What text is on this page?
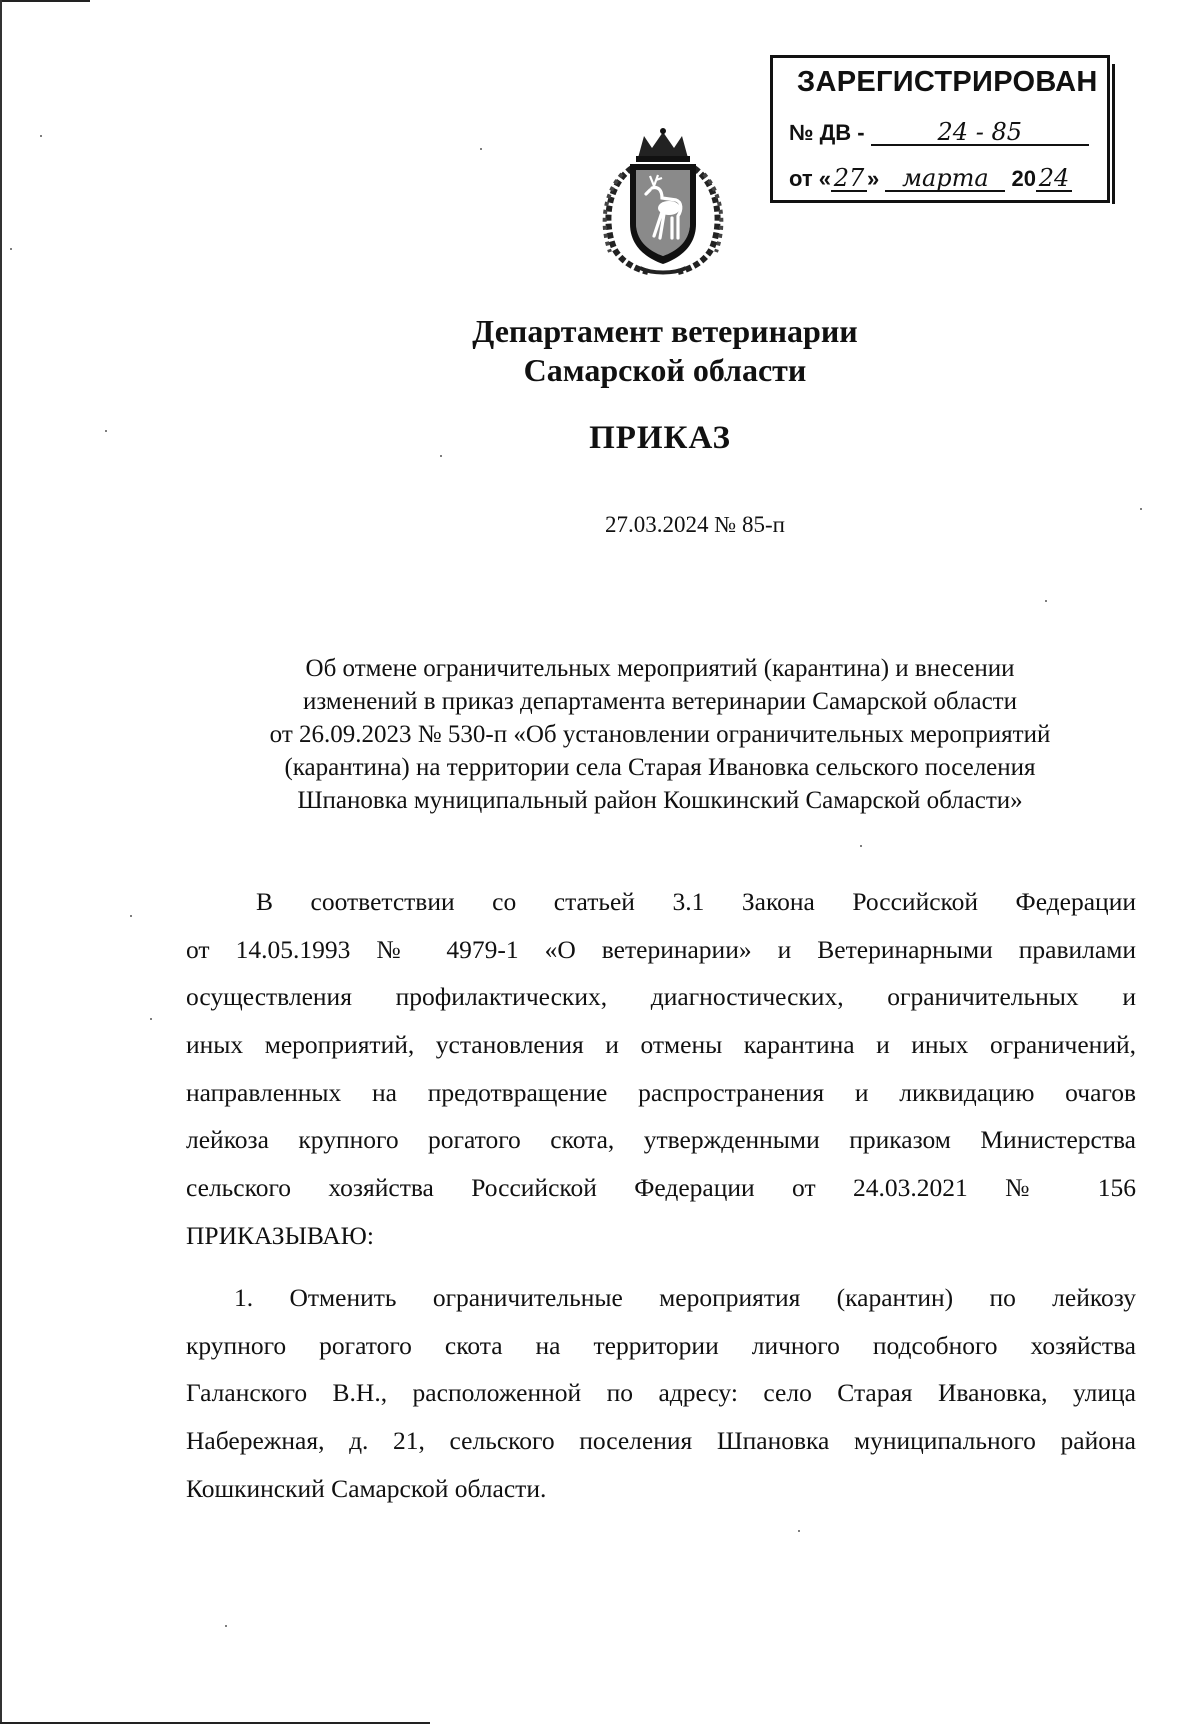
ЗАРЕГИСТРИРОВАН
№ ДВ -	24 - 85
от « 27 » марта 20 24
Департамент ветеринарии
Самарской области
ПРИКАЗ
27.03.2024 № 85-п
Об отмене ограничительных мероприятий (карантина) и внесении
изменений в приказ департамента ветеринарии Самарской области
от 26.09.2023 № 530-п «Об установлении ограничительных мероприятий
(карантина) на территории села Старая Ивановка сельского поселения
Шпановка муниципальный район Кошкинский Самарской области»
В соответствии со статьей 3.1 Закона Российской Федерации
от 14.05.1993 № 4979-1 «О ветеринарии» и Ветеринарными правилами
осуществления профилактических, диагностических, ограничительных и
иных мероприятий, установления и отмены карантина и иных ограничений,
направленных на предотвращение распространения и ликвидацию очагов
лейкоза крупного рогатого скота, утвержденными приказом Министерства
сельского хозяйства Российской Федерации от 24.03.2021 № 156
ПРИКАЗЫВАЮ:
1. Отменить ограничительные мероприятия (карантин) по лейкозу
крупного рогатого скота на территории личного подсобного хозяйства
Галанского В.Н., расположенной по адресу: село Старая Ивановка, улица
Набережная, д. 21, сельского поселения Шпановка муниципального района
Кошкинский Самарской области.
